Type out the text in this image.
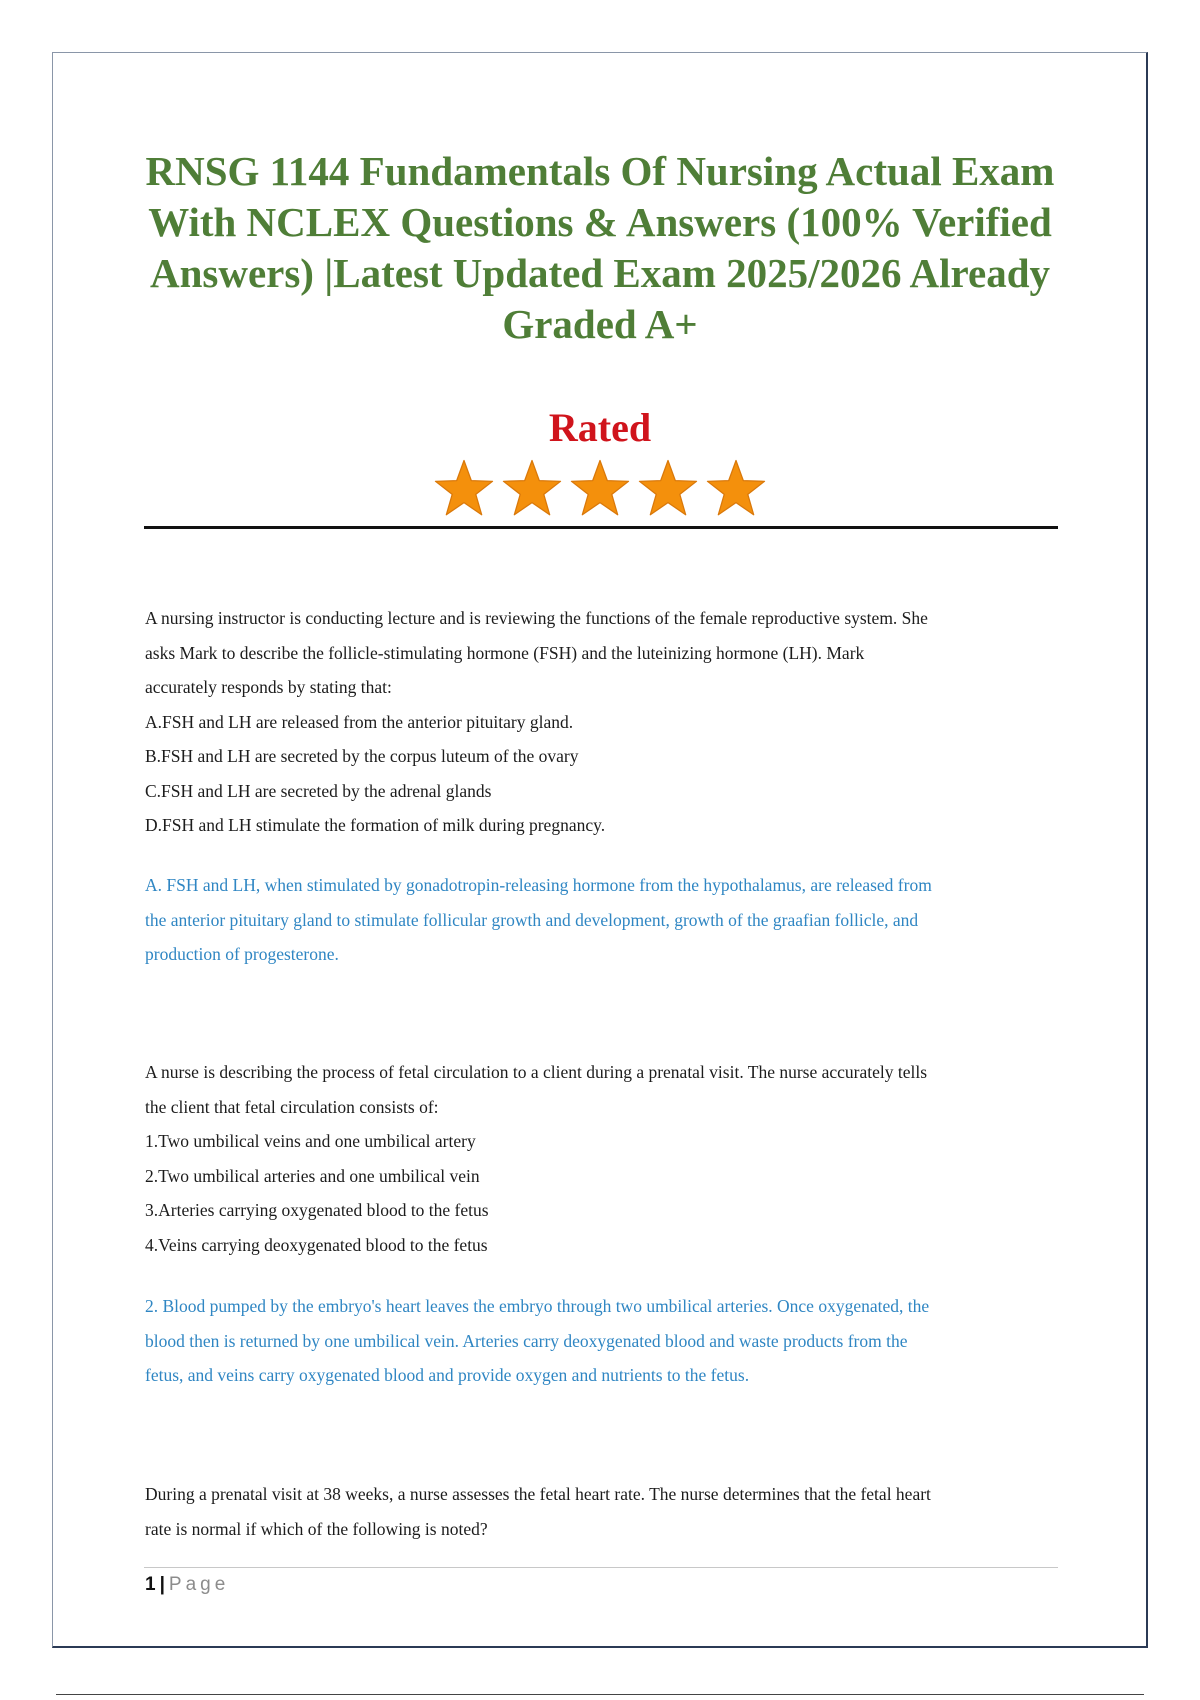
RNSG 1144 Fundamentals Of Nursing Actual Exam With NCLEX Questions & Answers (100% Verified Answers) |Latest Updated Exam 2025/2026 Already Graded A+
Rated

A nursing instructor is conducting lecture and is reviewing the functions of the female reproductive system. She

asks Mark to describe the follicle-stimulating hormone (FSH) and the luteinizing hormone (LH). Mark

accurately responds by stating that:

A.FSH and LH are released from the anterior pituitary gland.

B.FSH and LH are secreted by the corpus luteum of the ovary

C.FSH and LH are secreted by the adrenal glands

D.FSH and LH stimulate the formation of milk during pregnancy.

A. FSH and LH, when stimulated by gonadotropin-releasing hormone from the hypothalamus, are released from

the anterior pituitary gland to stimulate follicular growth and development, growth of the graafian follicle, and

production of progesterone.

A nurse is describing the process of fetal circulation to a client during a prenatal visit. The nurse accurately tells

the client that fetal circulation consists of:

1.Two umbilical veins and one umbilical artery

2.Two umbilical arteries and one umbilical vein

3.Arteries carrying oxygenated blood to the fetus

4.Veins carrying deoxygenated blood to the fetus

2. Blood pumped by the embryo's heart leaves the embryo through two umbilical arteries. Once oxygenated, the

blood then is returned by one umbilical vein. Arteries carry deoxygenated blood and waste products from the

fetus, and veins carry oxygenated blood and provide oxygen and nutrients to the fetus.

During a prenatal visit at 38 weeks, a nurse assesses the fetal heart rate. The nurse determines that the fetal heart

rate is normal if which of the following is noted?

1 | Page
